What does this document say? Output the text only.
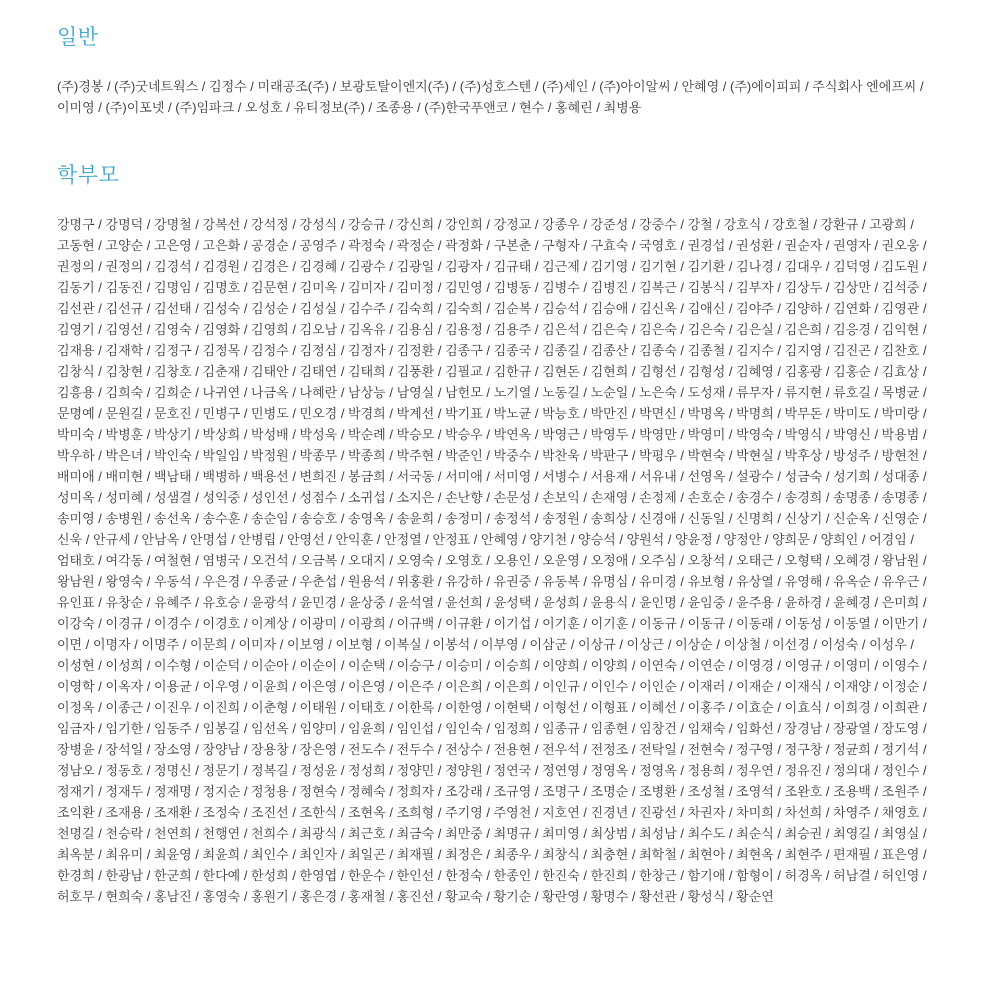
일반

(주)경봉 / (주)굿네트웍스 / 김정수 / 미래공조(주) / 보광토탈이엔지(주) / (주)성호스텐 / (주)세인 / (주)아이알씨 / 안혜영 / (주)에이피피 / 주식회사 엔에프씨 / 이미영 / (주)이포넷 / (주)임파크 / 오성호 / 유티정보(주) / 조종용 / (주)한국푸앤코 / 현수 / 홍혜린 / 최병용

학부모

강명구 / 강명덕 / 강명철 / 강복선 / 강석정 / 강성식 / 강승규 / 강신희 / 강인희 / 강정교 / 강종우 / 강준성 / 강중수 / 강철 / 강호식 / 강호철 / 강환규 / 고광희 / 고동현 / 고양순 / 고은영 / 고은화 / 공경순 / 공영주 / 곽정숙 / 곽정순 / 곽정화 / 구본춘 / 구형자 / 구효숙 / 국영호 / 권경섭 / 권성환 / 권순자 / 권영자 / 권오웅 / 권정의 / 권정의 / 김경석 / 김경원 / 김경은 / 김경혜 / 김광수 / 김광일 / 김광자 / 김규태 / 김근제 / 김기영 / 김기현 / 김기환 / 김나경 / 김대우 / 김덕영 / 김도원 / 김동기 / 김동진 / 김명임 / 김명호 / 김문현 / 김미옥 / 김미자 / 김미정 / 김민영 / 김병동 / 김병수 / 김병진 / 김복근 / 김봉식 / 김부자 / 김상두 / 김상만 / 김석중 / 김선관 / 김선규 / 김선태 / 김성숙 / 김성순 / 김성실 / 김수주 / 김숙희 / 김숙희 / 김순복 / 김승석 / 김승애 / 김신옥 / 김애신 / 김야주 / 김양하 / 김연화 / 김영관 / 김영기 / 김영선 / 김영숙 / 김영화 / 김영희 / 김오남 / 김옥유 / 김용심 / 김용정 / 김용주 / 김은석 / 김은숙 / 김은숙 / 김은숙 / 김은실 / 김은희 / 김응경 / 김익현 / 김재용 / 김재학 / 김정구 / 김정목 / 김정수 / 김정심 / 김정자 / 김정환 / 김종구 / 김종국 / 김종길 / 김종산 / 김종숙 / 김종철 / 김지수 / 김지영 / 김진곤 / 김찬호 / 김창식 / 김창현 / 김창호 / 김춘재 / 김태안 / 김태연 / 김태희 / 김풍환 / 김필교 / 김한규 / 김현돈 / 김현희 / 김형선 / 김형성 / 김혜영 / 김홍광 / 김홍순 / 김효상 / 김흥용 / 김희숙 / 김희순 / 나귀연 / 나금옥 / 나혜란 / 남상능 / 남영실 / 남헌모 / 노기열 / 노동길 / 노순일 / 노은숙 / 도성재 / 류무자 / 류지현 / 류호길 / 목병균 / 문명예 / 문원길 / 문호진 / 민병구 / 민병도 / 민오경 / 박경희 / 박계선 / 박기표 / 박노균 / 박능호 / 박만진 / 박면신 / 박명옥 / 박명희 / 박무돈 / 박미도 / 박미랑 / 박미숙 / 박병훈 / 박상기 / 박상희 / 박성배 / 박성욱 / 박순례 / 박승모 / 박승우 / 박연옥 / 박영근 / 박영두 / 박영만 / 박영미 / 박영숙 / 박영식 / 박영신 / 박용범 / 박우하 / 박은녀 / 박인숙 / 박일임 / 박정원 / 박종무 / 박종희 / 박주현 / 박준인 / 박중수 / 박찬욱 / 박판구 / 박평우 / 박현숙 / 박현실 / 박후상 / 방성주 / 방현천 / 배미애 / 배미현 / 백남태 / 백병하 / 백용선 / 변희진 / 봉금희 / 서국동 / 서미애 / 서미영 / 서병수 / 서용재 / 서유내 / 선영옥 / 설광수 / 성금숙 / 성기희 / 성대종 / 성미옥 / 성미혜 / 성샘결 / 성익중 / 성인선 / 성점수 / 소귀섭 / 소지은 / 손난향 / 손문성 / 손보익 / 손재영 / 손정제 / 손호순 / 송경수 / 송경희 / 송명종 / 송명종 / 송미영 / 송병원 / 송선옥 / 송수훈 / 송순임 / 송승호 / 송영옥 / 송윤희 / 송정미 / 송정석 / 송정원 / 송희상 / 신경애 / 신동일 / 신명희 / 신상기 / 신순옥 / 신영순 / 신욱 / 안규세 / 안남옥 / 안명섭 / 안병립 / 안영선 / 안익훈 / 안정열 / 안정표 / 안혜영 / 양기천 / 양승석 / 양원석 / 양윤정 / 양정안 / 양희문 / 양희인 / 어경임 / 엄태호 / 여각동 / 여철현 / 염병국 / 오건석 / 오금복 / 오대지 / 오영숙 / 오영호 / 오용인 / 오운영 / 오정애 / 오주심 / 오창석 / 오태근 / 오형택 / 오혜경 / 왕남원 / 왕남원 / 왕영숙 / 우동석 / 우은경 / 우종균 / 우춘섭 / 원용석 / 위홍환 / 유강하 / 유권중 / 유동복 / 유명심 / 유미경 / 유보형 / 유상열 / 유영해 / 유옥순 / 유우근 / 유인표 / 유창순 / 유혜주 / 유호승 / 윤광석 / 윤민경 / 윤상중 / 윤석열 / 윤선희 / 윤성택 / 윤성희 / 윤용식 / 윤인명 / 윤임중 / 윤주용 / 윤하경 / 윤혜경 / 은미희 / 이강숙 / 이경규 / 이경수 / 이경호 / 이계상 / 이광미 / 이광희 / 이규백 / 이규환 / 이기섭 / 이기훈 / 이기훈 / 이동규 / 이동규 / 이동래 / 이동성 / 이동열 / 이만기 / 이면 / 이명자 / 이명주 / 이문희 / 이미자 / 이보영 / 이보형 / 이복실 / 이봉석 / 이부영 / 이삼군 / 이상규 / 이상근 / 이상순 / 이상철 / 이선경 / 이성숙 / 이성우 / 이성현 / 이성희 / 이수형 / 이순덕 / 이순아 / 이순이 / 이순택 / 이승구 / 이승미 / 이승희 / 이양희 / 이양희 / 이연숙 / 이연순 / 이영경 / 이영규 / 이영미 / 이영수 / 이영학 / 이옥자 / 이용균 / 이우영 / 이윤희 / 이은영 / 이은영 / 이은주 / 이은희 / 이은희 / 이인규 / 이인수 / 이인순 / 이재러 / 이재순 / 이재식 / 이재양 / 이정순 / 이정옥 / 이종근 / 이진우 / 이진희 / 이춘형 / 이태원 / 이태호 / 이한록 / 이한영 / 이현택 / 이형선 / 이형표 / 이혜선 / 이홍주 / 이효순 / 이효식 / 이희경 / 이희관 / 임금자 / 임기한 / 임동주 / 임봉길 / 임선옥 / 임양미 / 임윤희 / 임인섭 / 임인숙 / 임정희 / 임종규 / 임종현 / 임창건 / 임채숙 / 임화선 / 장경남 / 장광열 / 장도영 / 장병윤 / 장석일 / 장소영 / 장양남 / 장용창 / 장은영 / 전도수 / 전두수 / 전상수 / 전용현 / 전우석 / 전정조 / 전탁일 / 전현숙 / 정구영 / 정구창 / 정균희 / 정기석 / 정남오 / 정동호 / 정명신 / 정문기 / 정복길 / 정성윤 / 정성희 / 정양민 / 정양원 / 정연국 / 정연영 / 정영옥 / 정영옥 / 정용희 / 정우연 / 정유진 / 정의대 / 정인수 / 정재기 / 정재두 / 정재명 / 정지순 / 정청용 / 정현숙 / 정혜숙 / 정희자 / 조강래 / 조규영 / 조명구 / 조명순 / 조병환 / 조성철 / 조영석 / 조완호 / 조용백 / 조원주 / 조익환 / 조재용 / 조재환 / 조정숙 / 조진선 / 조한식 / 조현옥 / 조희형 / 주기영 / 주영천 / 지호연 / 진경년 / 진광선 / 차권자 / 차미희 / 차선희 / 차영주 / 채영호 / 천명길 / 천승락 / 천연희 / 천행연 / 천희수 / 최광식 / 최근호 / 최금숙 / 최만중 / 최명규 / 최미영 / 최상범 / 최성남 / 최수도 / 최순식 / 최승권 / 최영길 / 최영실 / 최옥분 / 최유미 / 최윤영 / 최윤희 / 최인수 / 최인자 / 최일곤 / 최재필 / 최정은 / 최종우 / 최창식 / 최충현 / 최학철 / 최현아 / 최현옥 / 최현주 / 편재필 / 표은영 / 한경희 / 한광남 / 한군희 / 한다예 / 한성희 / 한영엽 / 한운수 / 한인선 / 한정숙 / 한종인 / 한진숙 / 한진희 / 한창근 / 함기애 / 함형이 / 허경옥 / 허남결 / 허인영 / 허호무 / 현희숙 / 홍남진 / 홍영숙 / 홍원기 / 홍은경 / 홍재철 / 홍진선 / 황교숙 / 황기순 / 황란영 / 황명수 / 황선관 / 황성식 / 황순연
